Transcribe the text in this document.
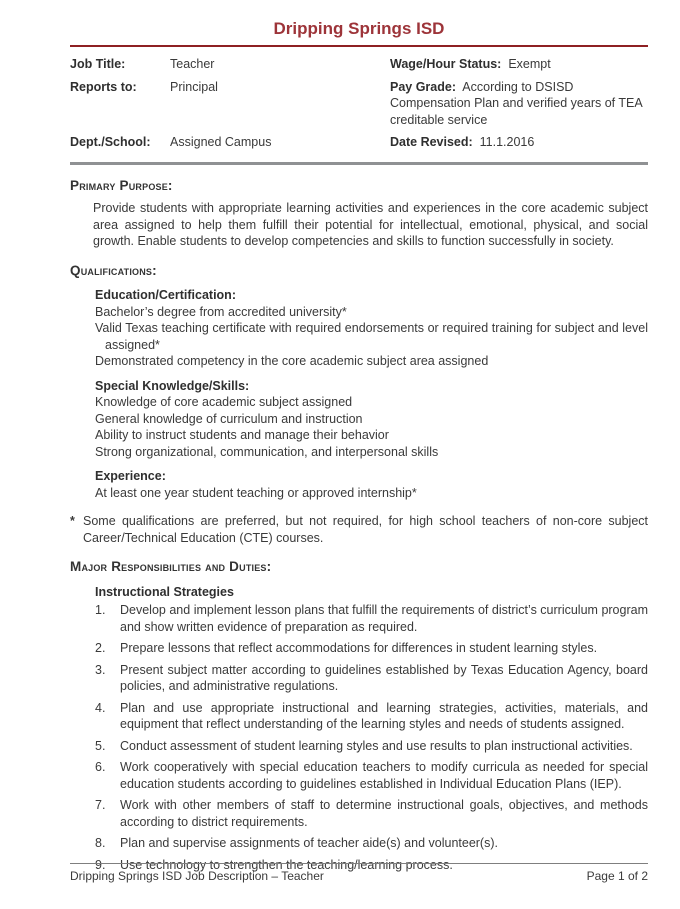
Dripping Springs ISD
Job Title:	Teacher	Wage/Hour Status: Exempt
Reports to:	Principal	Pay Grade: According to DSISD Compensation Plan and verified years of TEA creditable service
Dept./School:	Assigned Campus	Date Revised: 11.1.2016
Primary Purpose:

Provide students with appropriate learning activities and experiences in the core academic subject area assigned to help them fulfill their potential for intellectual, emotional, physical, and social growth. Enable students to develop competencies and skills to function successfully in society.

Qualifications:
Education/Certification:
Bachelor’s degree from accredited university*
Valid Texas teaching certificate with required endorsements or required training for subject and level assigned*
Demonstrated competency in the core academic subject area assigned
Special Knowledge/Skills:
Knowledge of core academic subject assigned
General knowledge of curriculum and instruction
Ability to instruct students and manage their behavior
Strong organizational, communication, and interpersonal skills
Experience:
At least one year student teaching or approved internship*
* Some qualifications are preferred, but not required, for high school teachers of non-core subject Career/Technical Education (CTE) courses.
Major Responsibilities and Duties:
Instructional Strategies
1.	Develop and implement lesson plans that fulfill the requirements of district’s curriculum program and show written evidence of preparation as required.
2.	Prepare lessons that reflect accommodations for differences in student learning styles.
3.	Present subject matter according to guidelines established by Texas Education Agency, board policies, and administrative regulations.
4.	Plan and use appropriate instructional and learning strategies, activities, materials, and equipment that reflect understanding of the learning styles and needs of students assigned.
5.	Conduct assessment of student learning styles and use results to plan instructional activities.
6.	Work cooperatively with special education teachers to modify curricula as needed for special education students according to guidelines established in Individual Education Plans (IEP).
7.	Work with other members of staff to determine instructional goals, objectives, and methods according to district requirements.
8.	Plan and supervise assignments of teacher aide(s) and volunteer(s).
9.	Use technology to strengthen the teaching/learning process.
Dripping Springs ISD Job Description – Teacher	Page 1 of 2
